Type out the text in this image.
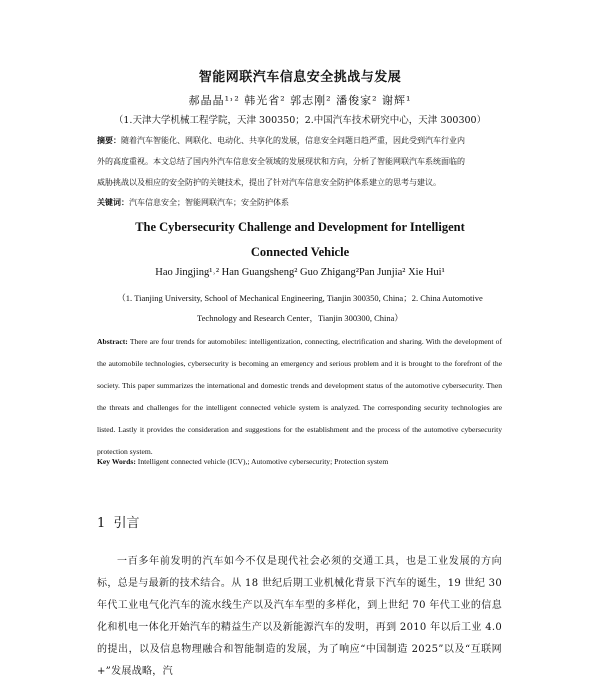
智能网联汽车信息安全挑战与发展
郝晶晶¹˒² 韩光省² 郭志刚² 潘俊家² 谢辉¹
（1.天津大学机械工程学院，天津 300350；2.中国汽车技术研究中心，天津 300300）
摘要：随着汽车智能化、网联化、电动化、共享化的发展，信息安全问题日趋严重，因此受到汽车行业内
外的高度重视。本文总结了国内外汽车信息安全领域的发展现状和方向，分析了智能网联汽车系统面临的
威胁挑战以及相应的安全防护的关键技术，提出了针对汽车信息安全防护体系建立的思考与建议。
关键词：汽车信息安全；智能网联汽车；安全防护体系
The Cybersecurity Challenge and Development for Intelligent
Connected Vehicle
Hao Jingjing¹˒² Han Guangsheng² Guo Zhigang²Pan Junjia² Xie Hui¹
（1. Tianjing University, School of Mechanical Engineering, Tianjin 300350, China；2. China Automotive
Technology and Research Center，Tianjin 300300, China）
Abstract: There are four trends for automobiles: intelligentization, connecting, electrification and sharing. With the development of the automobile technologies, cybersecurity is becoming an emergency and serious problem and it is brought to the forefront of the society. This paper summarizes the international and domestic trends and development status of the automotive cybersecurity. Then the threats and challenges for the intelligent connected vehicle system is analyzed. The corresponding security technologies are listed. Lastly it provides the consideration and suggestions for the establishment and the process of the automotive cybersecurity protection system.
Key Words: Intelligent connected vehicle (ICV),; Automotive cybersecurity; Protection system
1 引言
一百多年前发明的汽车如今不仅是现代社会必须的交通工具，也是工业发展的方向标，总是与最新的技术结合。从 18 世纪后期工业机械化背景下汽车的诞生，19 世纪 30 年代工业电气化汽车的流水线生产以及汽车车型的多样化，到上世纪 70 年代工业的信息化和机电一体化开始汽车的精益生产以及新能源汽车的发明，再到 2010 年以后工业 4.0 的提出，以及信息物理融合和智能制造的发展，为了响应“中国制造 2025”以及“互联网+”发展战略，汽
